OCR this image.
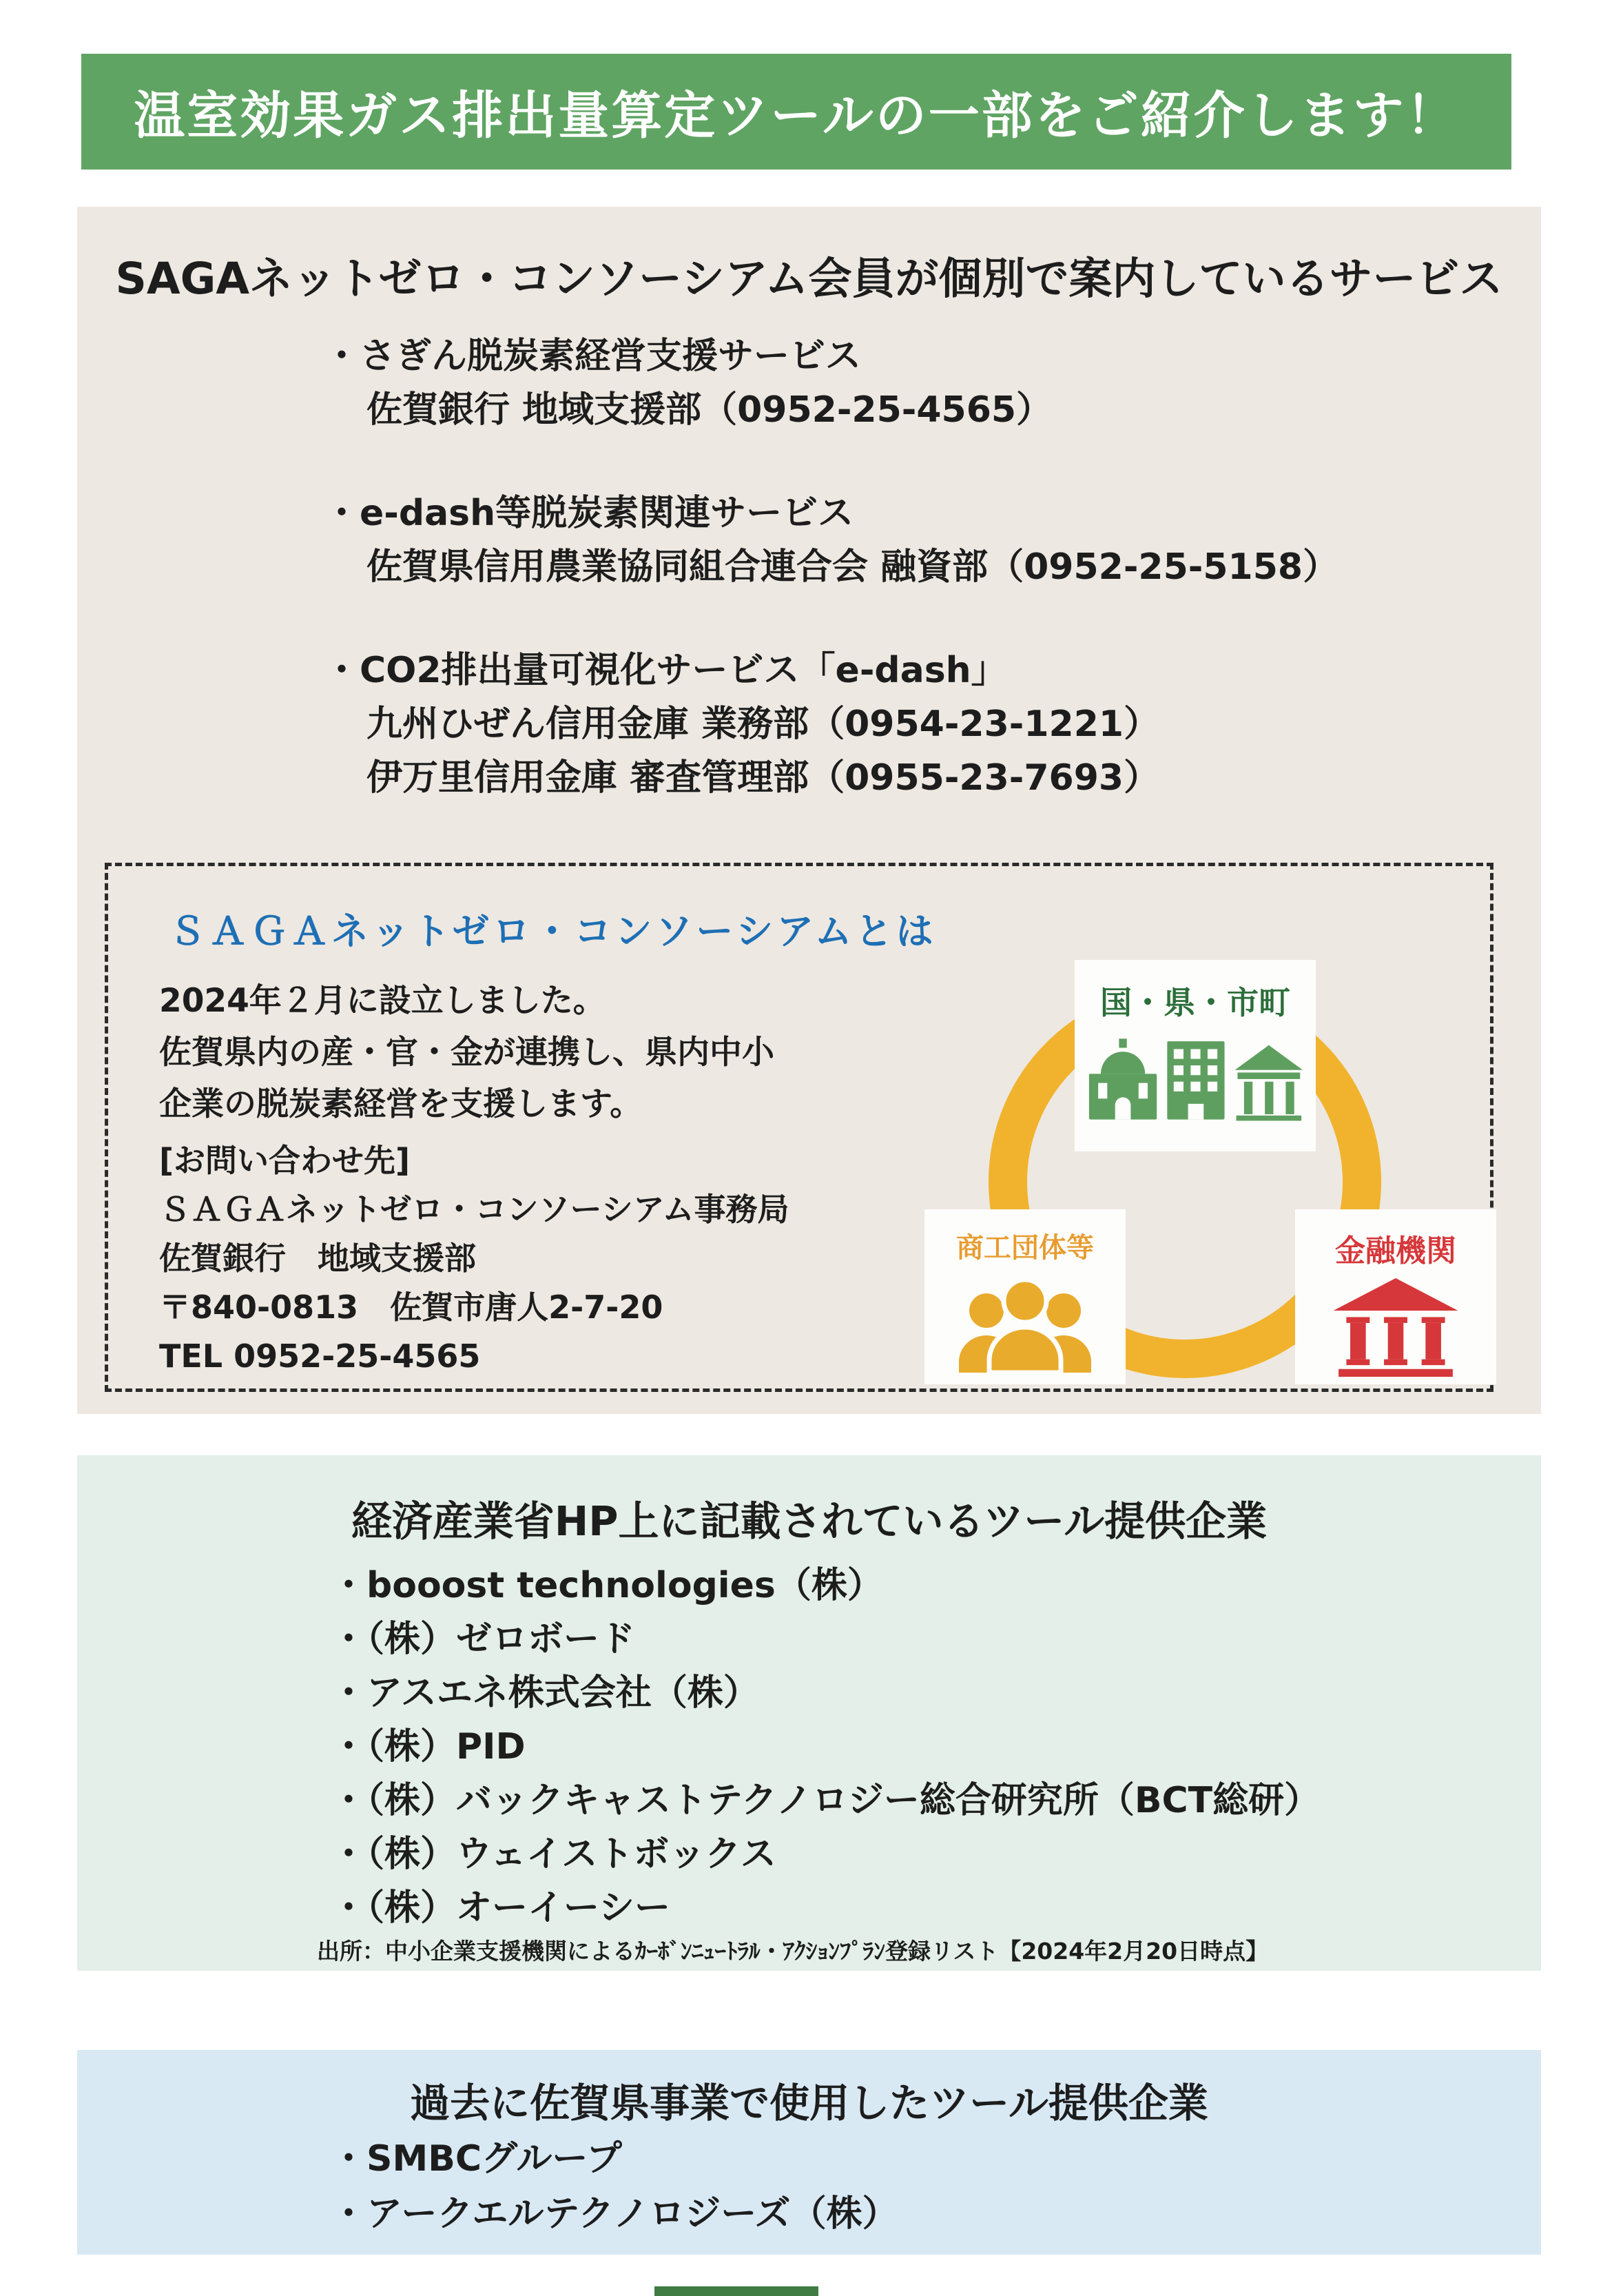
温室効果ガス排出量算定ツールの一部をご紹介します！
SAGAネットゼロ・コンソーシアム会員が個別で案内しているサービス
・さぎん脱炭素経営支援サービス
佐賀銀行 地域支援部（0952-25-4565）
・e-dash等脱炭素関連サービス
佐賀県信用農業協同組合連合会 融資部（0952-25-5158）
・CO2排出量可視化サービス「e-dash」
九州ひぜん信用金庫 業務部（0954-23-1221）
伊万里信用金庫 審査管理部（0955-23-7693）
ＳＡＧＡネットゼロ・コンソーシアムとは

2024年２月に設立しました。

佐賀県内の産・官・金が連携し、県内中小

企業の脱炭素経営を支援します。

[お問い合わせ先]

ＳＡＧＡネットゼロ・コンソーシアム事務局

佐賀銀行　地域支援部

〒840-0813　佐賀市唐人2-7-20

TEL 0952-25-4565

国・県・市町
商工団体等	金融機関
経済産業省HP上に記載されているツール提供企業

・booost technologies（株）

・（株）ゼロボード

・アスエネ株式会社（株）

・（株）PID

・（株）バックキャストテクノロジー総合研究所（BCT総研）

・（株）ウェイストボックス

・（株）オーイーシー

出所：中小企業支援機関によるｶｰﾎﾞﾝﾆｭｰﾄﾗﾙ・ｱｸｼｮﾝﾌﾟﾗﾝ登録リスト【2024年2月20日時点】

過去に佐賀県事業で使用したツール提供企業

・SMBCグループ

・アークエルテクノロジーズ（株）
